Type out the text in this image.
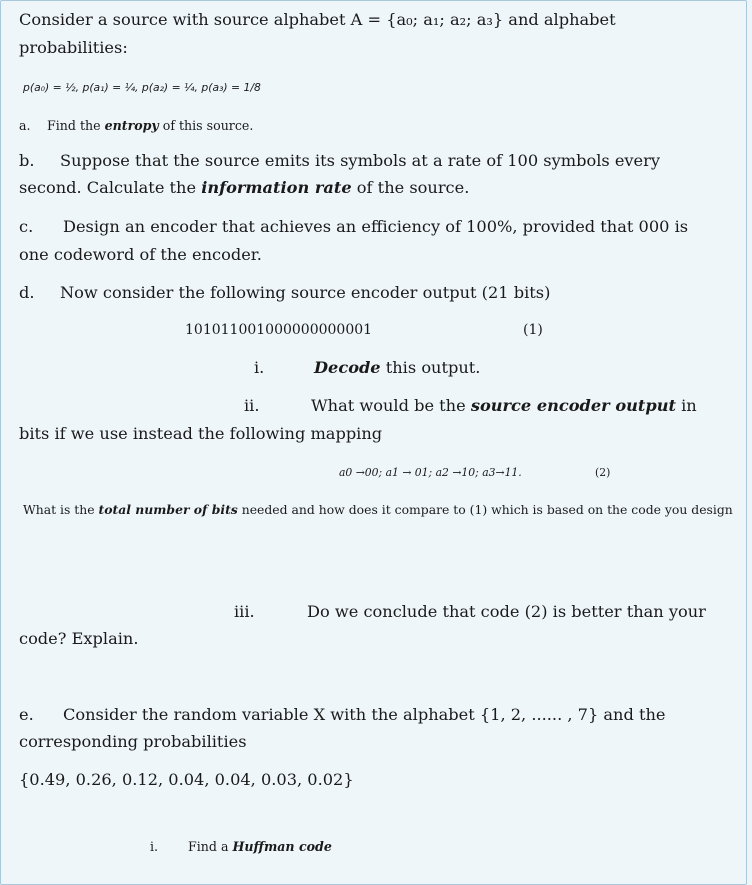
Consider a source with source alphabet A = {a₀; a₁; a₂; a₃} and alphabet
probabilities:
p(a₀) = ½, p(a₁) = ¼, p(a₂) = ¼, p(a₃) = 1/8
a. Find the entropy of this source.
b. Suppose that the source emits its symbols at a rate of 100 symbols every
second. Calculate the information rate of the source.
c. Design an encoder that achieves an efficiency of 100%, provided that 000 is
one codeword of the encoder.
d. Now consider the following source encoder output (21 bits)
101011001000000000001	(1)
i.	Decode this output.
ii.	What would be the source encoder output in
bits if we use instead the following mapping
a0 →00; a1 → 01; a2 →10; a3→11.	(2)
What is the total number of bits needed and how does it compare to (1) which is based on the code you design
iii.	Do we conclude that code (2) is better than your
code? Explain.
e. Consider the random variable X with the alphabet {1, 2, ...... , 7} and the
corresponding probabilities
{0.49, 0.26, 0.12, 0.04, 0.04, 0.03, 0.02}
i. Find a Huffman code
